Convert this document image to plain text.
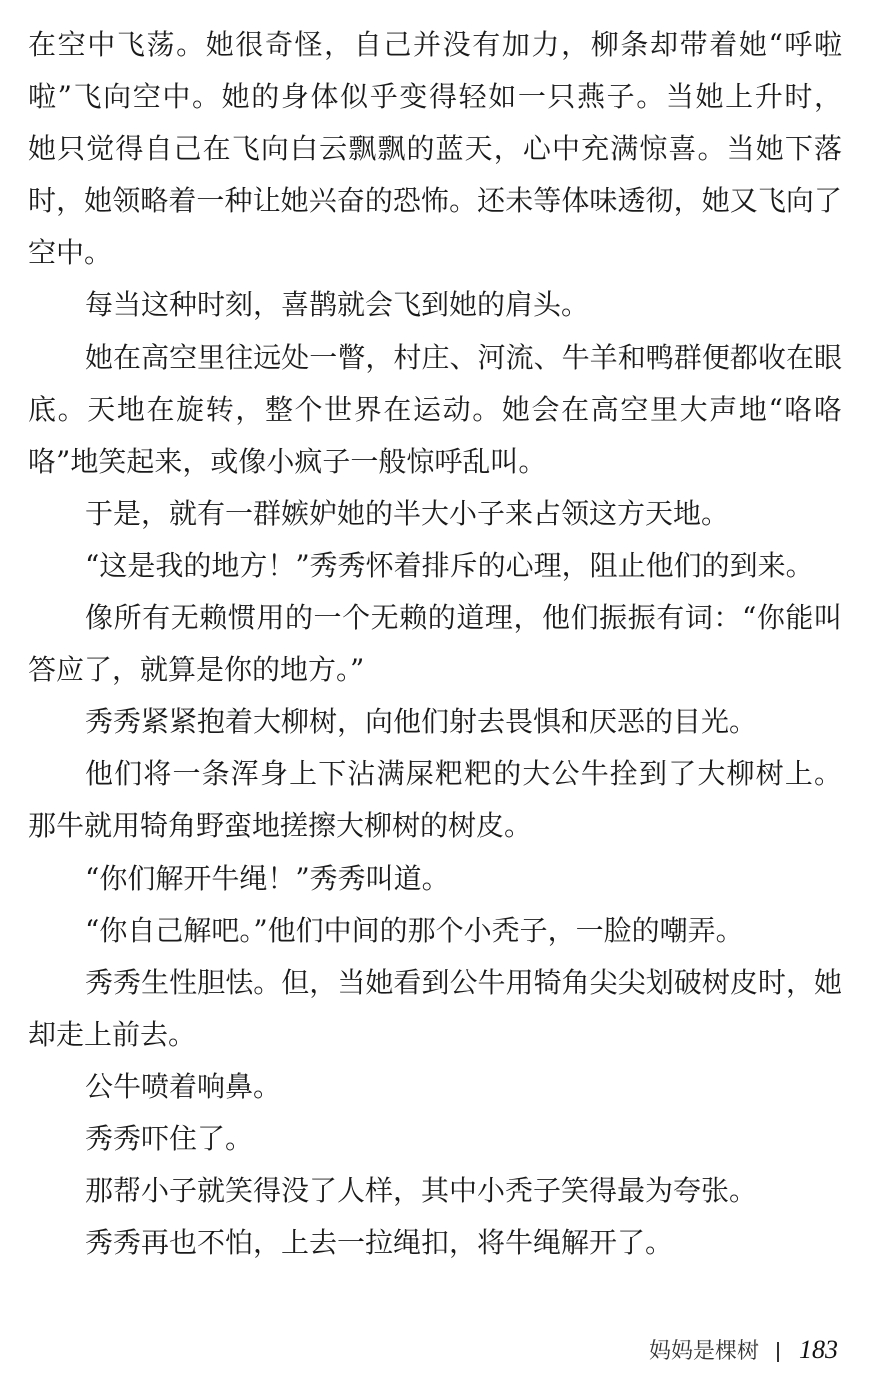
在空中飞荡。她很奇怪，自己并没有加力，柳条却带着她“呼啦
啦”飞向空中。她的身体似乎变得轻如一只燕子。当她上升时，
她只觉得自己在飞向白云飘飘的蓝天，心中充满惊喜。当她下落
时，她领略着一种让她兴奋的恐怖。还未等体味透彻，她又飞向了
空中。
每当这种时刻，喜鹊就会飞到她的肩头。
她在高空里往远处一瞥，村庄、河流、牛羊和鸭群便都收在眼
底。天地在旋转，整个世界在运动。她会在高空里大声地“咯咯
咯”地笑起来，或像小疯子一般惊呼乱叫。
于是，就有一群嫉妒她的半大小子来占领这方天地。
“这是我的地方！”秀秀怀着排斥的心理，阻止他们的到来。
像所有无赖惯用的一个无赖的道理，他们振振有词：“你能叫
答应了，就算是你的地方。”
秀秀紧紧抱着大柳树，向他们射去畏惧和厌恶的目光。
他们将一条浑身上下沾满屎粑粑的大公牛拴到了大柳树上。
那牛就用犄角野蛮地搓擦大柳树的树皮。
“你们解开牛绳！”秀秀叫道。
“你自己解吧。”他们中间的那个小秃子，一脸的嘲弄。
秀秀生性胆怯。但，当她看到公牛用犄角尖尖划破树皮时，她
却走上前去。
公牛喷着响鼻。
秀秀吓住了。
那帮小子就笑得没了人样，其中小秃子笑得最为夸张。
秀秀再也不怕，上去一拉绳扣，将牛绳解开了。
妈妈是棵树 183
